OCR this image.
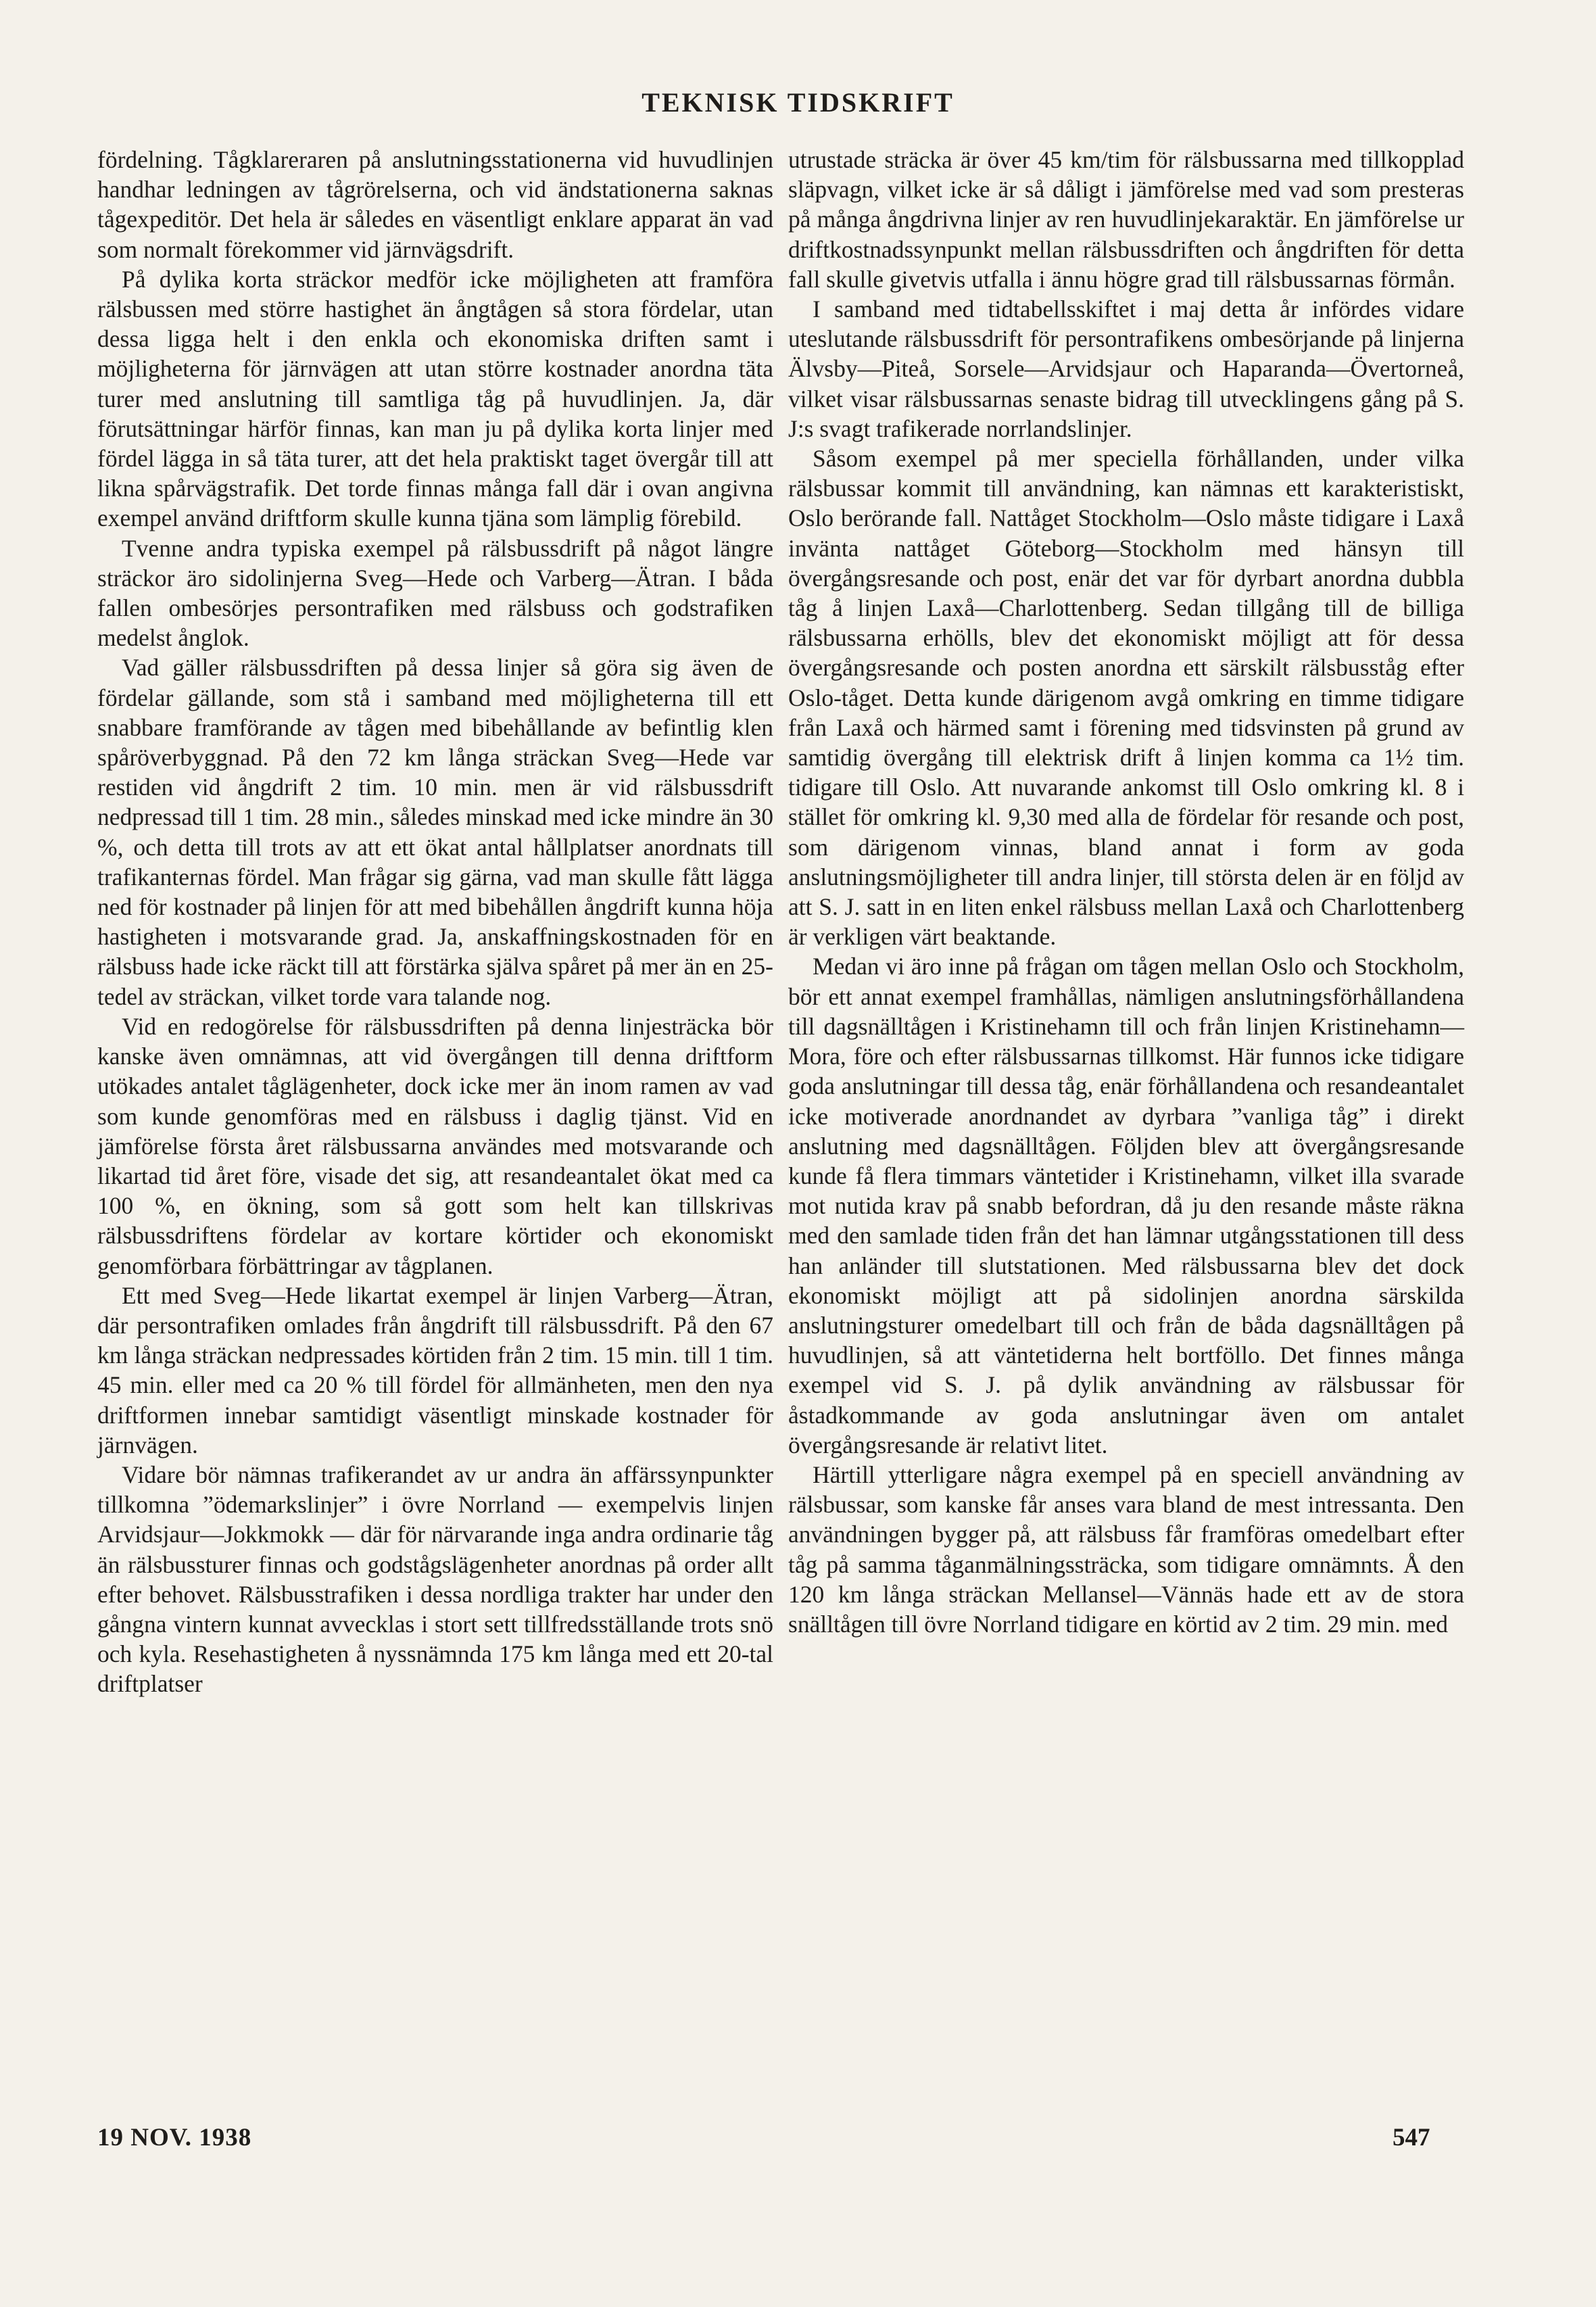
TEKNISK TIDSKRIFT

fördelning. Tågklareraren på anslutningsstationerna vid huvudlinjen handhar ledningen av tågrörelserna, och vid ändstationerna saknas tågexpeditör. Det hela är således en väsentligt enklare apparat än vad som normalt förekommer vid järnvägsdrift.

På dylika korta sträckor medför icke möjligheten att framföra rälsbussen med större hastighet än ångtågen så stora fördelar, utan dessa ligga helt i den enkla och ekonomiska driften samt i möjligheterna för järnvägen att utan större kostnader anordna täta turer med anslutning till samtliga tåg på huvudlinjen. Ja, där förutsättningar härför finnas, kan man ju på dylika korta linjer med fördel lägga in så täta turer, att det hela praktiskt taget övergår till att likna spårvägstrafik. Det torde finnas många fall där i ovan angivna exempel använd driftform skulle kunna tjäna som lämplig förebild.

Tvenne andra typiska exempel på rälsbussdrift på något längre sträckor äro sidolinjerna Sveg—Hede och Varberg—Ätran. I båda fallen ombesörjes persontrafiken med rälsbuss och godstrafiken medelst ånglok.

Vad gäller rälsbussdriften på dessa linjer så göra sig även de fördelar gällande, som stå i samband med möjligheterna till ett snabbare framförande av tågen med bibehållande av befintlig klen spåröverbyggnad. På den 72 km långa sträckan Sveg—Hede var restiden vid ångdrift 2 tim. 10 min. men är vid rälsbussdrift nedpressad till 1 tim. 28 min., således minskad med icke mindre än 30 %, och detta till trots av att ett ökat antal hållplatser anordnats till trafikanternas fördel. Man frågar sig gärna, vad man skulle fått lägga ned för kostnader på linjen för att med bibehållen ångdrift kunna höja hastigheten i motsvarande grad. Ja, anskaffningskostnaden för en rälsbuss hade icke räckt till att förstärka själva spåret på mer än en 25-tedel av sträckan, vilket torde vara talande nog.

Vid en redogörelse för rälsbussdriften på denna linjesträcka bör kanske även omnämnas, att vid övergången till denna driftform utökades antalet tåglägenheter, dock icke mer än inom ramen av vad som kunde genomföras med en rälsbuss i daglig tjänst. Vid en jämförelse första året rälsbussarna användes med motsvarande och likartad tid året före, visade det sig, att resandeantalet ökat med ca 100 %, en ökning, som så gott som helt kan tillskrivas rälsbussdriftens fördelar av kortare körtider och ekonomiskt genomförbara förbättringar av tågplanen.

Ett med Sveg—Hede likartat exempel är linjen Varberg—Ätran, där persontrafiken omlades från ångdrift till rälsbussdrift. På den 67 km långa sträckan nedpressades körtiden från 2 tim. 15 min. till 1 tim. 45 min. eller med ca 20 % till fördel för allmänheten, men den nya driftformen innebar samtidigt väsentligt minskade kostnader för järnvägen.

Vidare bör nämnas trafikerandet av ur andra än affärssynpunkter tillkomna ”ödemarkslinjer” i övre Norrland — exempelvis linjen Arvidsjaur—Jokkmokk — där för närvarande inga andra ordinarie tåg än rälsbussturer finnas och godstågslägenheter anordnas på order allt efter behovet. Rälsbusstrafiken i dessa nordliga trakter har under den gångna vintern kunnat avvecklas i stort sett tillfredsställande trots snö och kyla. Resehastigheten å nyssnämnda 175 km långa med ett 20-tal driftplatser

utrustade sträcka är över 45 km/tim för rälsbussarna med tillkopplad släpvagn, vilket icke är så dåligt i jämförelse med vad som presteras på många ångdrivna linjer av ren huvudlinjekaraktär. En jämförelse ur driftkostnadssynpunkt mellan rälsbussdriften och ångdriften för detta fall skulle givetvis utfalla i ännu högre grad till rälsbussarnas förmån.

I samband med tidtabellsskiftet i maj detta år infördes vidare uteslutande rälsbussdrift för persontrafikens ombesörjande på linjerna Älvsby—Piteå, Sorsele—Arvidsjaur och Haparanda—Övertorneå, vilket visar rälsbussarnas senaste bidrag till utvecklingens gång på S. J:s svagt trafikerade norrlandslinjer.

Såsom exempel på mer speciella förhållanden, under vilka rälsbussar kommit till användning, kan nämnas ett karakteristiskt, Oslo berörande fall. Nattåget Stockholm—Oslo måste tidigare i Laxå invänta nattåget Göteborg—Stockholm med hänsyn till övergångsresande och post, enär det var för dyrbart anordna dubbla tåg å linjen Laxå—Charlottenberg. Sedan tillgång till de billiga rälsbussarna erhölls, blev det ekonomiskt möjligt att för dessa övergångsresande och posten anordna ett särskilt rälsbusståg efter Oslo-tåget. Detta kunde därigenom avgå omkring en timme tidigare från Laxå och härmed samt i förening med tidsvinsten på grund av samtidig övergång till elektrisk drift å linjen komma ca 1½ tim. tidigare till Oslo. Att nuvarande ankomst till Oslo omkring kl. 8 i stället för omkring kl. 9,30 med alla de fördelar för resande och post, som därigenom vinnas, bland annat i form av goda anslutningsmöjligheter till andra linjer, till största delen är en följd av att S. J. satt in en liten enkel rälsbuss mellan Laxå och Charlottenberg är verkligen värt beaktande.

Medan vi äro inne på frågan om tågen mellan Oslo och Stockholm, bör ett annat exempel framhållas, nämligen anslutningsförhållandena till dagsnälltågen i Kristinehamn till och från linjen Kristinehamn—Mora, före och efter rälsbussarnas tillkomst. Här funnos icke tidigare goda anslutningar till dessa tåg, enär förhållandena och resandeantalet icke motiverade anordnandet av dyrbara ”vanliga tåg” i direkt anslutning med dagsnälltågen. Följden blev att övergångsresande kunde få flera timmars väntetider i Kristinehamn, vilket illa svarade mot nutida krav på snabb befordran, då ju den resande måste räkna med den samlade tiden från det han lämnar utgångsstationen till dess han anländer till slutstationen. Med rälsbussarna blev det dock ekonomiskt möjligt att på sidolinjen anordna särskilda anslutningsturer omedelbart till och från de båda dagsnälltågen på huvudlinjen, så att väntetiderna helt bortföllo. Det finnes många exempel vid S. J. på dylik användning av rälsbussar för åstadkommande av goda anslutningar även om antalet övergångsresande är relativt litet.

Härtill ytterligare några exempel på en speciell användning av rälsbussar, som kanske får anses vara bland de mest intressanta. Den användningen bygger på, att rälsbuss får framföras omedelbart efter tåg på samma tåganmälningssträcka, som tidigare omnämnts. Å den 120 km långa sträckan Mellansel—Vännäs hade ett av de stora snälltågen till övre Norrland tidigare en körtid av 2 tim. 29 min. med

19 NOV. 1938	547
